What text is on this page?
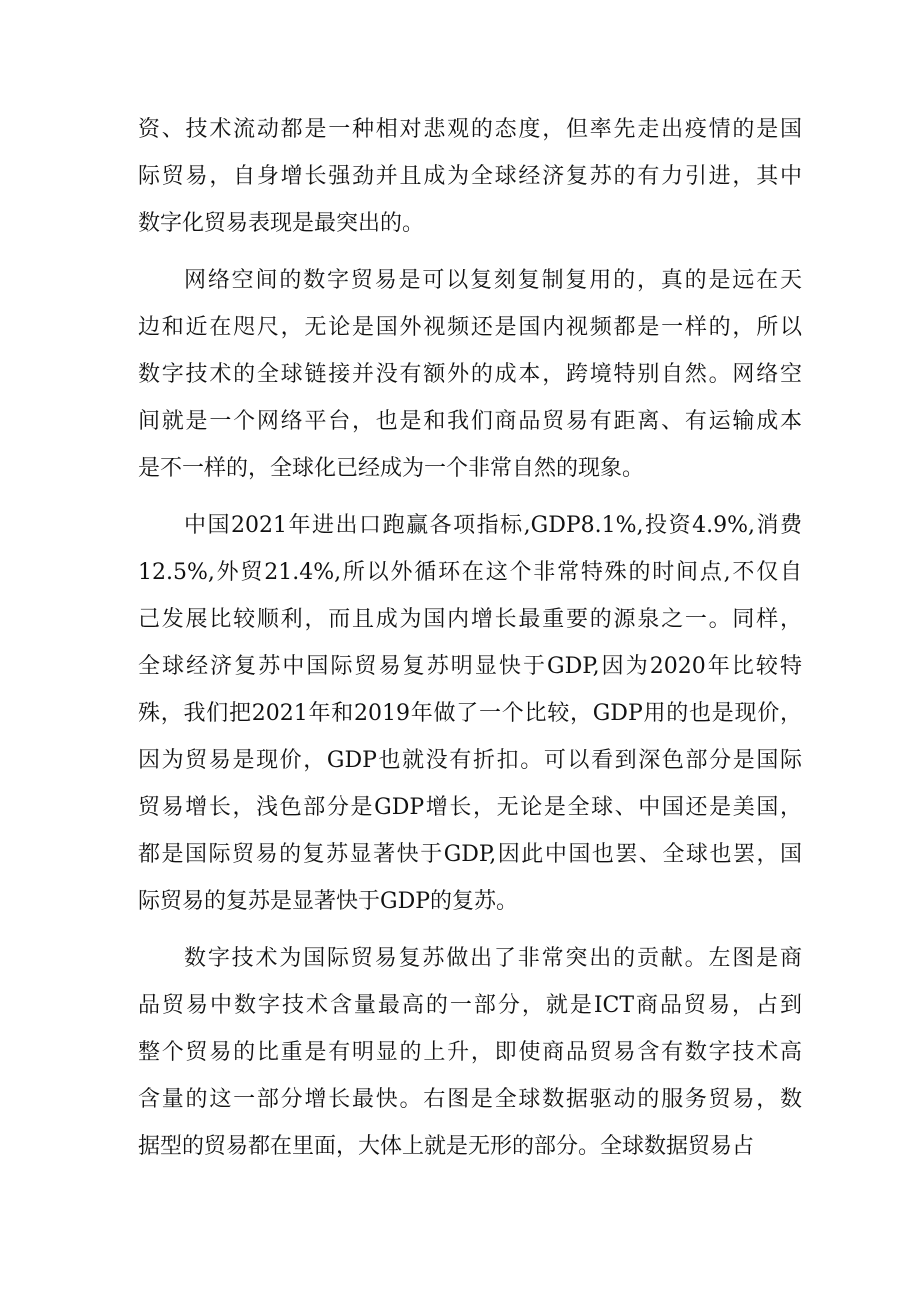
资、技术流动都是一种相对悲观的态度，但率先走出疫情的是国
际贸易，自身增长强劲并且成为全球经济复苏的有力引进，其中
数字化贸易表现是最突出的。
网络空间的数字贸易是可以复刻复制复用的，真的是远在天
边和近在咫尺，无论是国外视频还是国内视频都是一样的，所以
数字技术的全球链接并没有额外的成本，跨境特别自然。网络空
间就是一个网络平台，也是和我们商品贸易有距离、有运输成本
是不一样的，全球化已经成为一个非常自然的现象。
中国2021年进出口跑赢各项指标,GDP8.1%,投资4.9%,消费
12.5%,外贸21.4%,所以外循环在这个非常特殊的时间点,不仅自
己发展比较顺利，而且成为国内增长最重要的源泉之一。同样，
全球经济复苏中国际贸易复苏明显快于GDP,因为2020年比较特
殊，我们把2021年和2019年做了一个比较，GDP用的也是现价，
因为贸易是现价，GDP也就没有折扣。可以看到深色部分是国际
贸易增长，浅色部分是GDP增长，无论是全球、中国还是美国，
都是国际贸易的复苏显著快于GDP,因此中国也罢、全球也罢，国
际贸易的复苏是显著快于GDP的复苏。
数字技术为国际贸易复苏做出了非常突出的贡献。左图是商
品贸易中数字技术含量最高的一部分，就是ICT商品贸易，占到
整个贸易的比重是有明显的上升，即使商品贸易含有数字技术高
含量的这一部分增长最快。右图是全球数据驱动的服务贸易，数
据型的贸易都在里面，大体上就是无形的部分。全球数据贸易占
